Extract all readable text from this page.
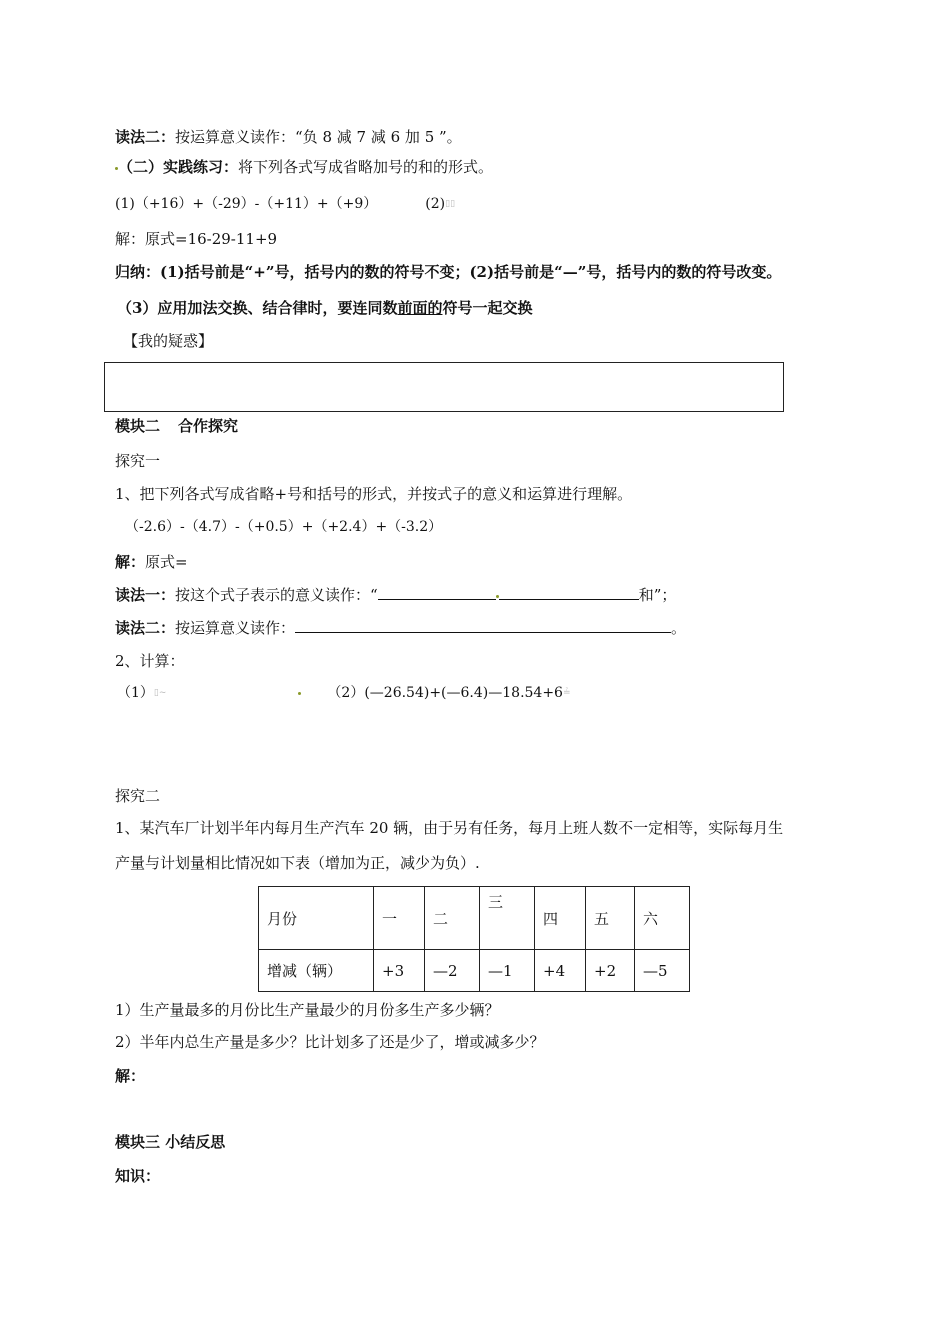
读法二：按运算意义读作：“负 8 减 7 减 6 加 5 ”。
（二）实践练习：将下列各式写成省略加号的和的形式。
(1)（+16）+（-29）-（+11）+（+9）	(2)▯▯
解：原式=16-29-11+9
归纳：(1)括号前是“+”号，括号内的数的符号不变；(2)括号前是“—”号，括号内的数的符号改变。
（3）应用加法交换、结合律时，要连同数前面的符号一起交换
【我的疑惑】
模块二 合作探究
探究一
1、把下列各式写成省略+号和括号的形式，并按式子的意义和运算进行理解。
（-2.6）-（4.7）-（+0.5）+（+2.4）+（-3.2）
解：原式=
读法一：按这个式子表示的意义读作：“	和”；
读法二：按运算意义读作：	。
2、计算：
（1）▯~	（2）(—26.54)+(—6.4)—18.54+6≟
探究二
1、某汽车厂计划半年内每月生产汽车 20 辆，由于另有任务，每月上班人数不一定相等，实际每月生
产量与计划量相比情况如下表（增加为正，减少为负）.
月份	一	二	三	四	五	六
增减（辆）	+3	—2	—1	+4	+2	—5
1）生产量最多的月份比生产量最少的月份多生产多少辆？
2）半年内总生产量是多少？比计划多了还是少了，增或减多少？
解：
模块三 小结反思
知识：
